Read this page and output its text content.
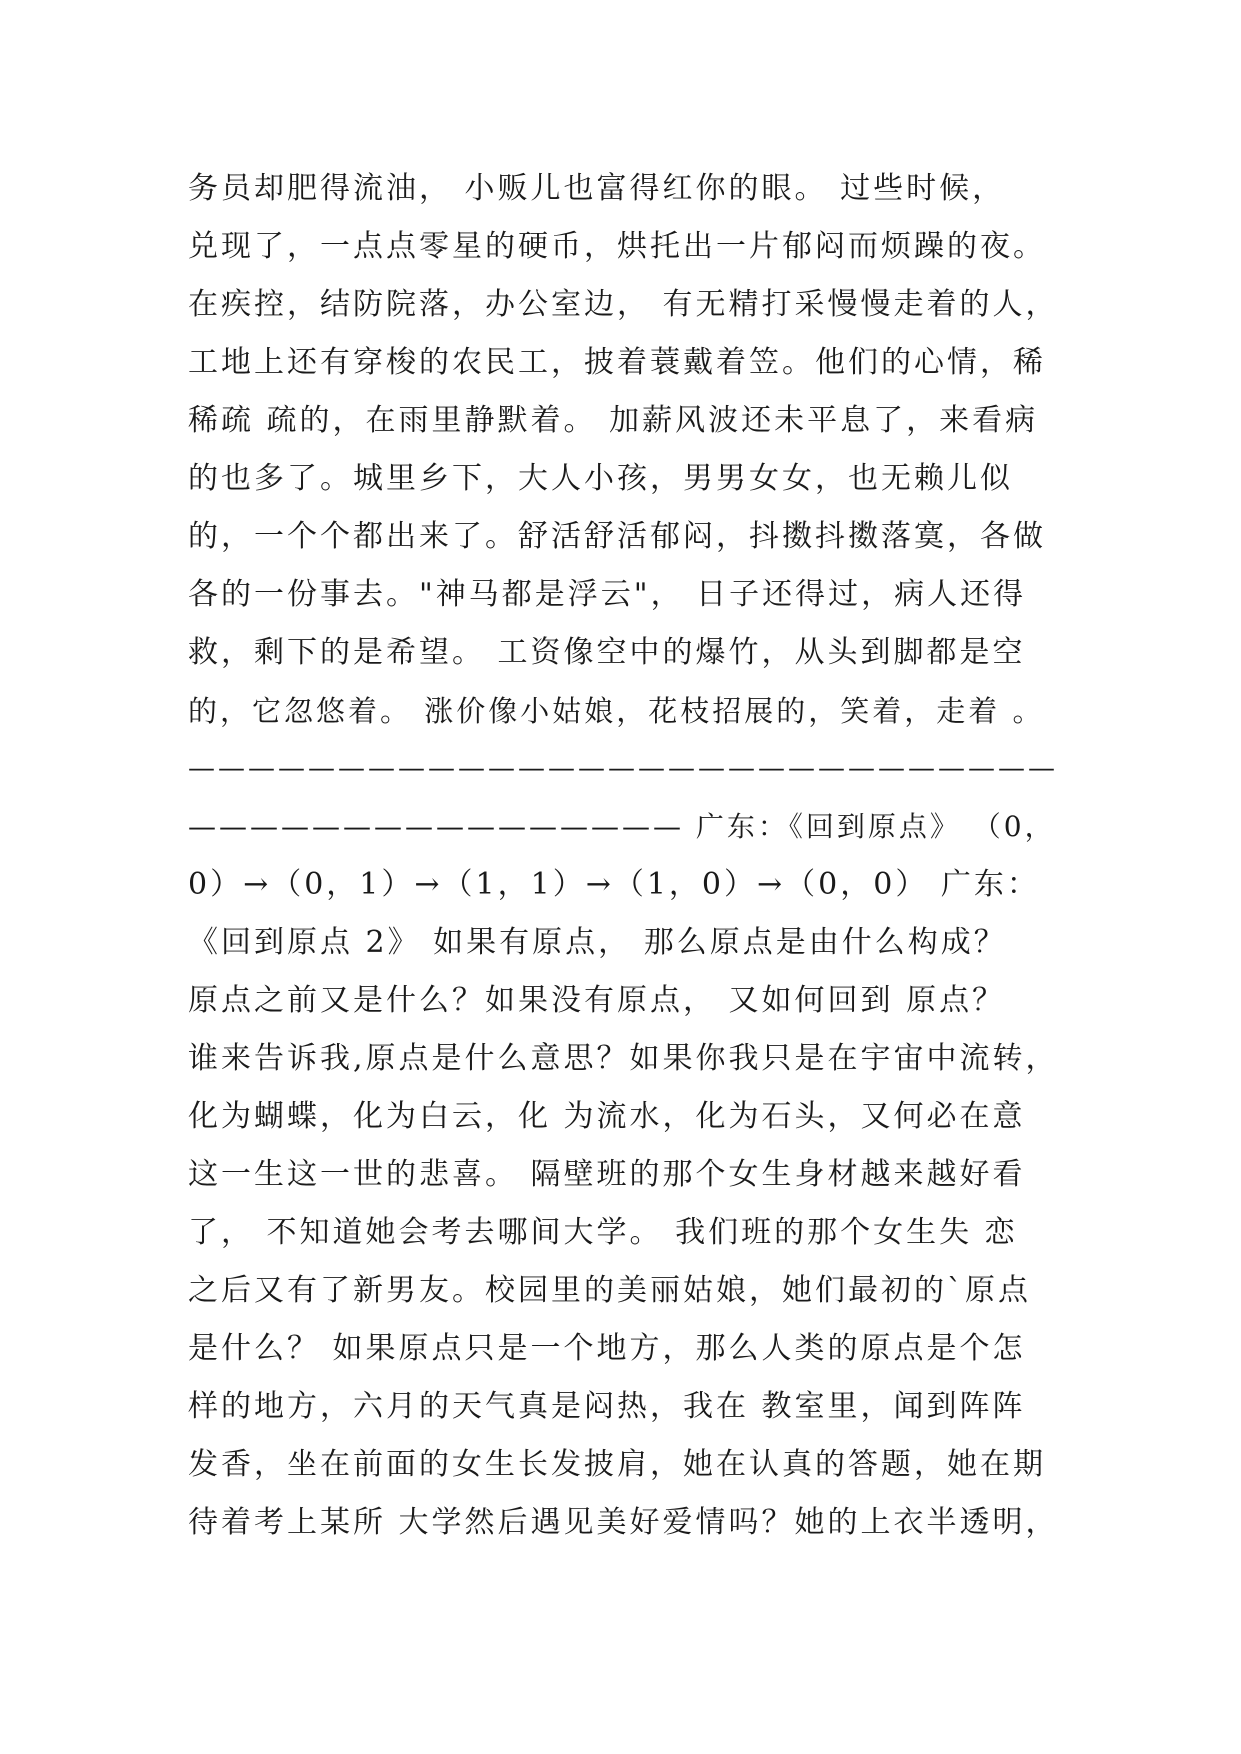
务员却肥得流油， 小贩儿也富得红你的眼。 过些时候，
兑现了，一点点零星的硬币，烘托出一片郁闷而烦躁的夜。
在疾控，结防院落，办公室边， 有无精打采慢慢走着的人，
工地上还有穿梭的农民工，披着蓑戴着笠。他们的心情，稀
稀疏 疏的，在雨里静默着。 加薪风波还未平息了，来看病
的也多了。城里乡下，大人小孩，男男女女，也无赖儿似
的，一个个都出来了。舒活舒活郁闷，抖擞抖擞落寞，各做
各的一份事去。"神马都是浮云"， 日子还得过，病人还得
救，剩下的是希望。 工资像空中的爆竹，从头到脚都是空
的，它忽悠着。 涨价像小姑娘，花枝招展的，笑着，走着 。
—————————————————————————————
———————————————— 广东：《回到原点》 （0，
0）→（0，1）→（1，1）→（1，0）→（0，0） 广东：
《回到原点 2》 如果有原点， 那么原点是由什么构成？
原点之前又是什么？如果没有原点， 又如何回到 原点？
谁来告诉我,原点是什么意思？如果你我只是在宇宙中流转，
化为蝴蝶，化为白云，化 为流水，化为石头，又何必在意
这一生这一世的悲喜。 隔壁班的那个女生身材越来越好看
了， 不知道她会考去哪间大学。 我们班的那个女生失 恋
之后又有了新男友。校园里的美丽姑娘，她们最初的`原点
是什么？ 如果原点只是一个地方，那么人类的原点是个怎
样的地方，六月的天气真是闷热，我在 教室里，闻到阵阵
发香，坐在前面的女生长发披肩，她在认真的答题，她在期
待着考上某所 大学然后遇见美好爱情吗？她的上衣半透明，
